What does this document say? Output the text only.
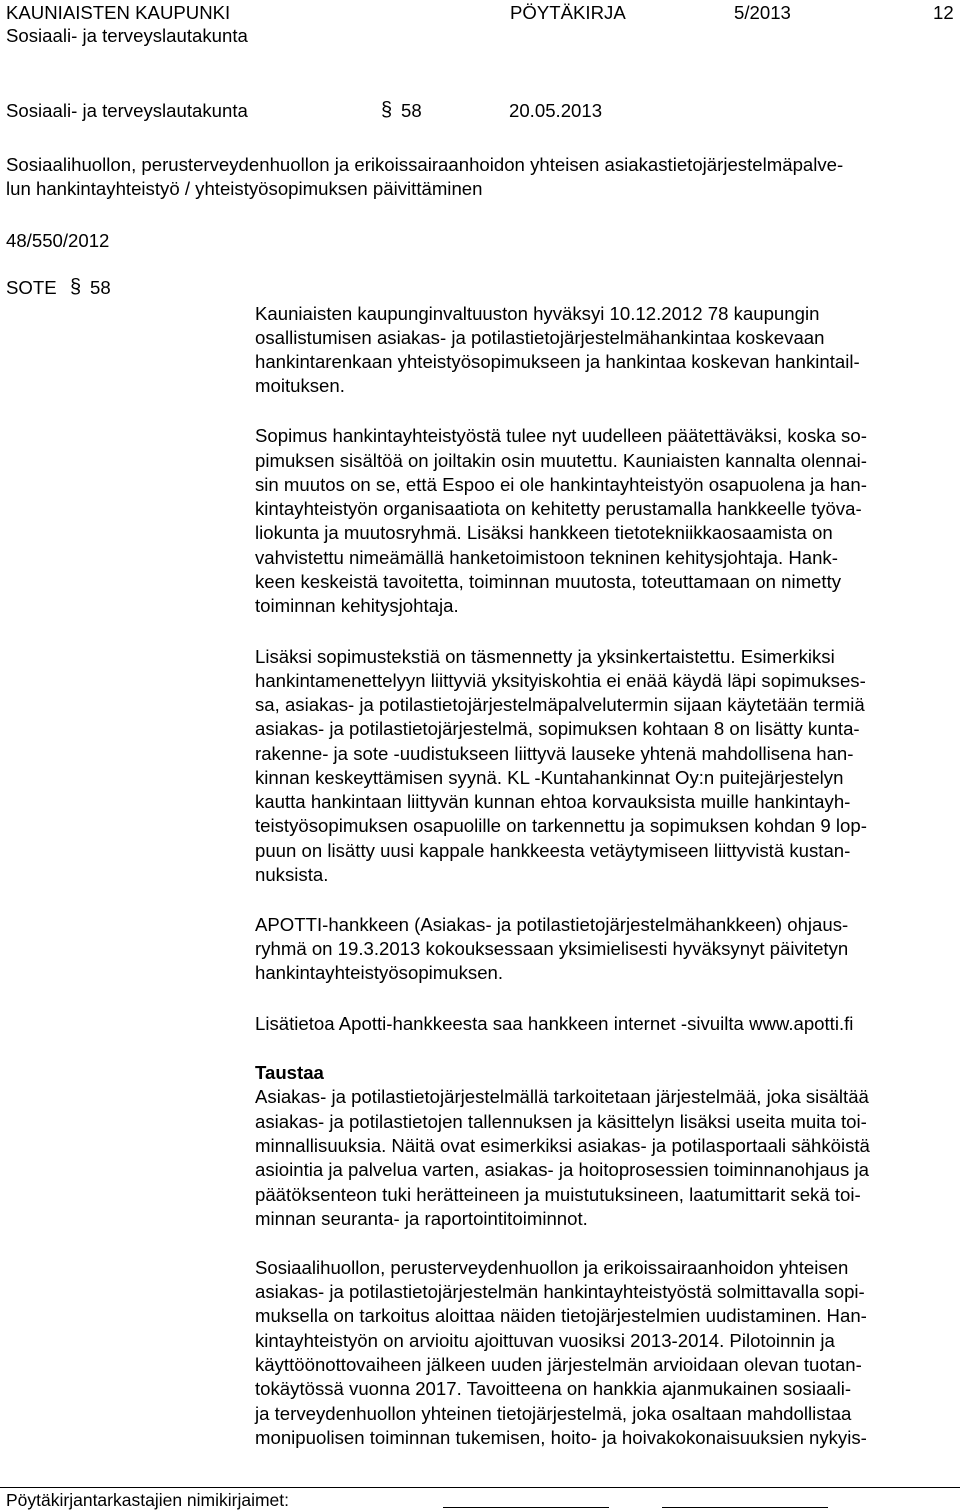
KAUNIAISTEN KAUPUNKI	PÖYTÄKIRJA	5/2013	12
Sosiaali- ja terveyslautakunta
Sosiaali- ja terveyslautakunta	§ 58	20.05.2013
Sosiaalihuollon, perusterveydenhuollon ja erikoissairaanhoidon yhteisen asiakastietojärjestelmäpalve-
lun hankintayhteistyö / yhteistyösopimuksen päivittäminen
48/550/2012
SOTE § 58
Kauniaisten kaupunginvaltuuston hyväksyi 10.12.2012 78 kaupungin
osallistumisen asiakas- ja potilastietojärjestelmähankintaa koskevaan
hankintarenkaan yhteistyösopimukseen ja hankintaa koskevan hankintail-
moituksen.
Sopimus hankintayhteistyöstä tulee nyt uudelleen päätettäväksi, koska so-
pimuksen sisältöä on joiltakin osin muutettu. Kauniaisten kannalta olennai-
sin muutos on se, että Espoo ei ole hankintayhteistyön osapuolena ja han-
kintayhteistyön organisaatiota on kehitetty perustamalla hankkeelle työva-
liokunta ja muutosryhmä. Lisäksi hankkeen tietotekniikkaosaamista on
vahvistettu nimeämällä hanketoimistoon tekninen kehitysjohtaja. Hank-
keen keskeistä tavoitetta, toiminnan muutosta, toteuttamaan on nimetty
toiminnan kehitysjohtaja.
Lisäksi sopimustekstiä on täsmennetty ja yksinkertaistettu. Esimerkiksi
hankintamenettelyyn liittyviä yksityiskohtia ei enää käydä läpi sopimukses-
sa, asiakas- ja potilastietojärjestelmäpalvelutermin sijaan käytetään termiä
asiakas- ja potilastietojärjestelmä, sopimuksen kohtaan 8 on lisätty kunta-
rakenne- ja sote -uudistukseen liittyvä lauseke yhtenä mahdollisena han-
kinnan keskeyttämisen syynä. KL -Kuntahankinnat Oy:n puitejärjestelyn
kautta hankintaan liittyvän kunnan ehtoa korvauksista muille hankintayh-
teistyösopimuksen osapuolille on tarkennettu ja sopimuksen kohdan 9 lop-
puun on lisätty uusi kappale hankkeesta vetäytymiseen liittyvistä kustan-
nuksista.
APOTTI-hankkeen (Asiakas- ja potilastietojärjestelmähankkeen) ohjaus-
ryhmä on 19.3.2013 kokouksessaan yksimielisesti hyväksynyt päivitetyn
hankintayhteistyösopimuksen.
Lisätietoa Apotti-hankkeesta saa hankkeen internet -sivuilta www.apotti.fi
Taustaa
Asiakas- ja potilastietojärjestelmällä tarkoitetaan järjestelmää, joka sisältää
asiakas- ja potilastietojen tallennuksen ja käsittelyn lisäksi useita muita toi-
minnallisuuksia. Näitä ovat esimerkiksi asiakas- ja potilasportaali sähköistä
asiointia ja palvelua varten, asiakas- ja hoitoprosessien toiminnanohjaus ja
päätöksenteon tuki herätteineen ja muistutuksineen, laatumittarit sekä toi-
minnan seuranta- ja raportointitoiminnot.
Sosiaalihuollon, perusterveydenhuollon ja erikoissairaanhoidon yhteisen
asiakas- ja potilastietojärjestelmän hankintayhteistyöstä solmittavalla sopi-
muksella on tarkoitus aloittaa näiden tietojärjestelmien uudistaminen. Han-
kintayhteistyön on arvioitu ajoittuvan vuosiksi 2013-2014. Pilotoinnin ja
käyttöönottovaiheen jälkeen uuden järjestelmän arvioidaan olevan tuotan-
tokäytössä vuonna 2017. Tavoitteena on hankkia ajanmukainen sosiaali-
ja terveydenhuollon yhteinen tietojärjestelmä, joka osaltaan mahdollistaa
monipuolisen toiminnan tukemisen, hoito- ja hoivakokonaisuuksien nykyis-
Pöytäkirjantarkastajien nimikirjaimet:
